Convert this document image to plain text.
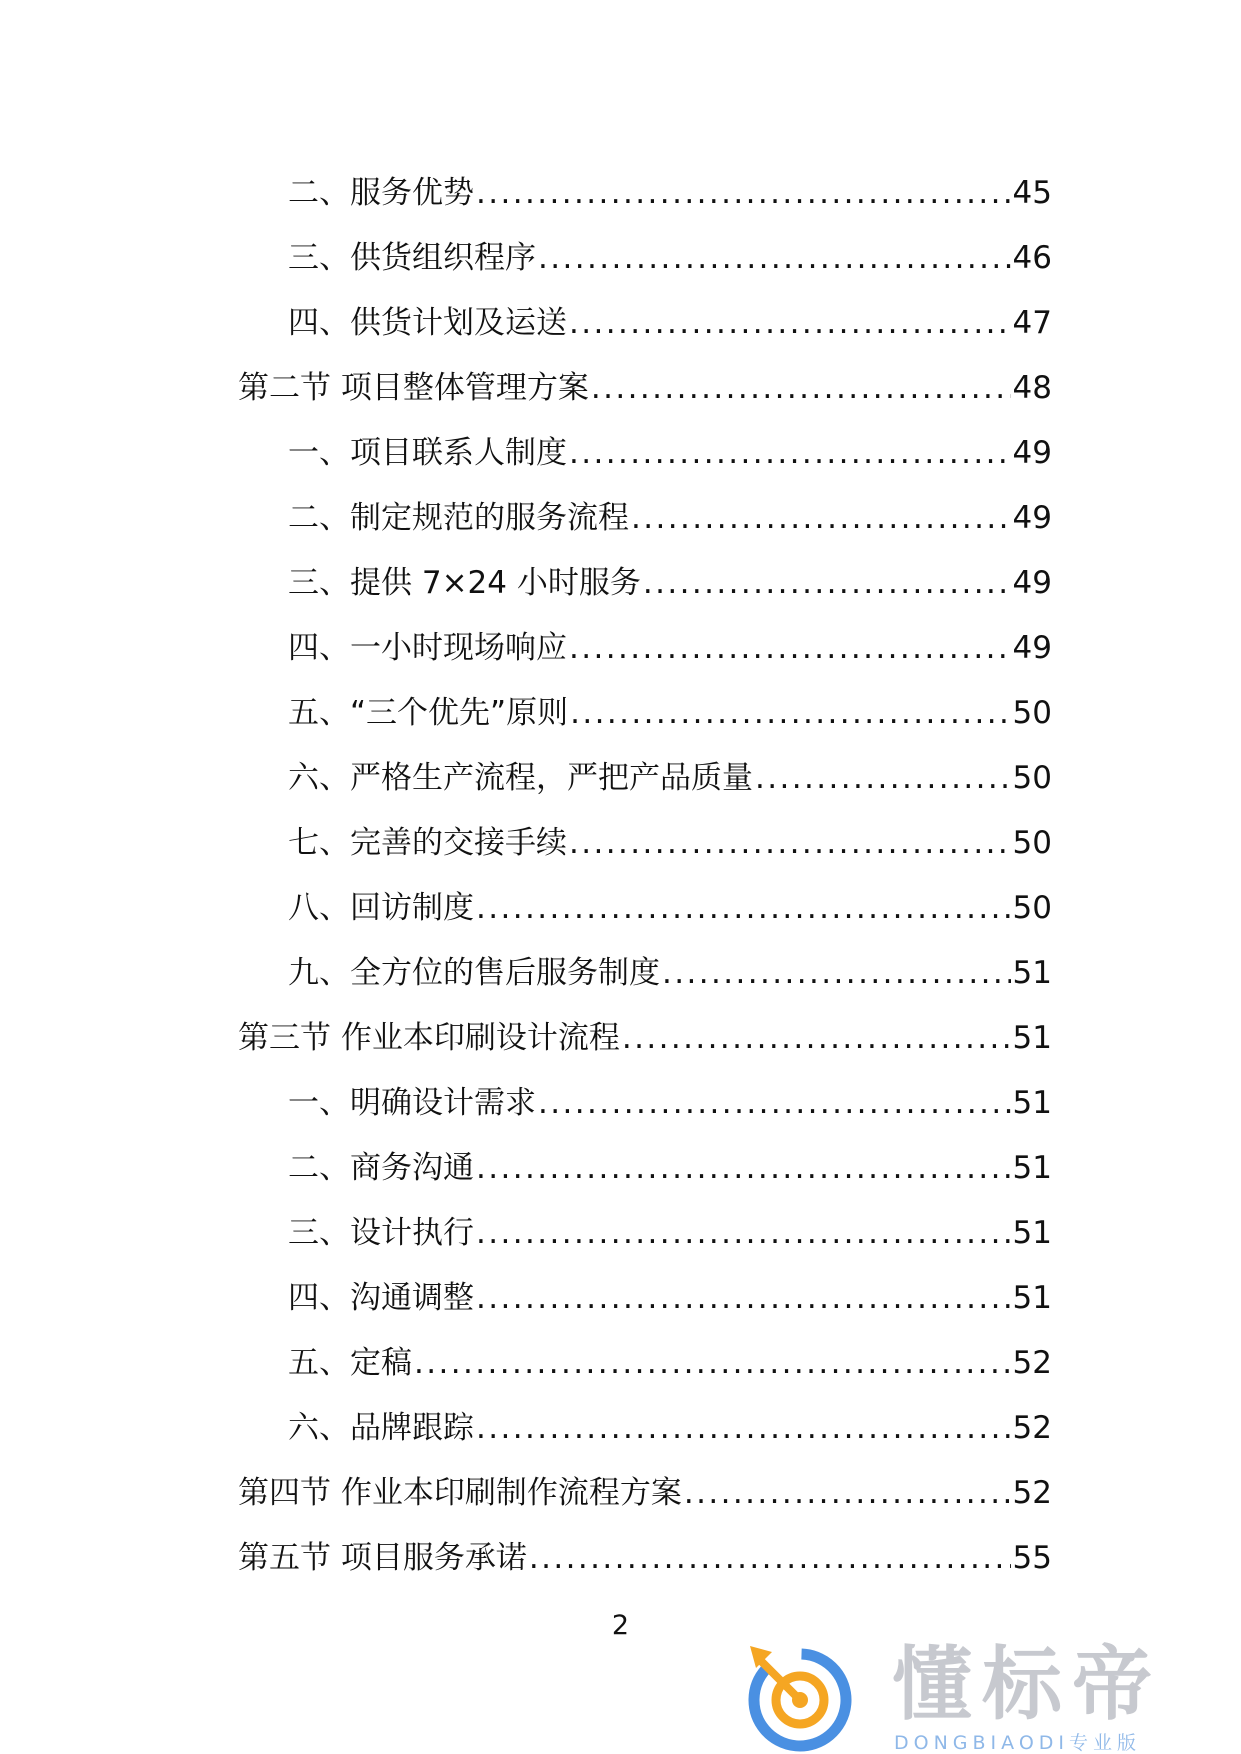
二、服务优势 .....	45
三、供货组织程序 .....	46
四、供货计划及运送 .....	47
第二节 项目整体管理方案 .....	48
一、项目联系人制度 .....	49
二、制定规范的服务流程 .....	49
三、提供 7×24 小时服务 .....	49
四、一小时现场响应 .....	49
五、“三个优先”原则 .....	50
六、严格生产流程，严把产品质量 .....	50
七、完善的交接手续 .....	50
八、回访制度 .....	50
九、全方位的售后服务制度 .....	51
第三节 作业本印刷设计流程 .....	51
一、明确设计需求 .....	51
二、商务沟通 .....	51
三、设计执行 .....	51
四、沟通调整 .....	51
五、定稿 .....	52
六、品牌跟踪 .....	52
第四节 作业本印刷制作流程方案 .....	52
第五节 项目服务承诺 .....	55
2
懂标帝
DONGBIAODI专业版
